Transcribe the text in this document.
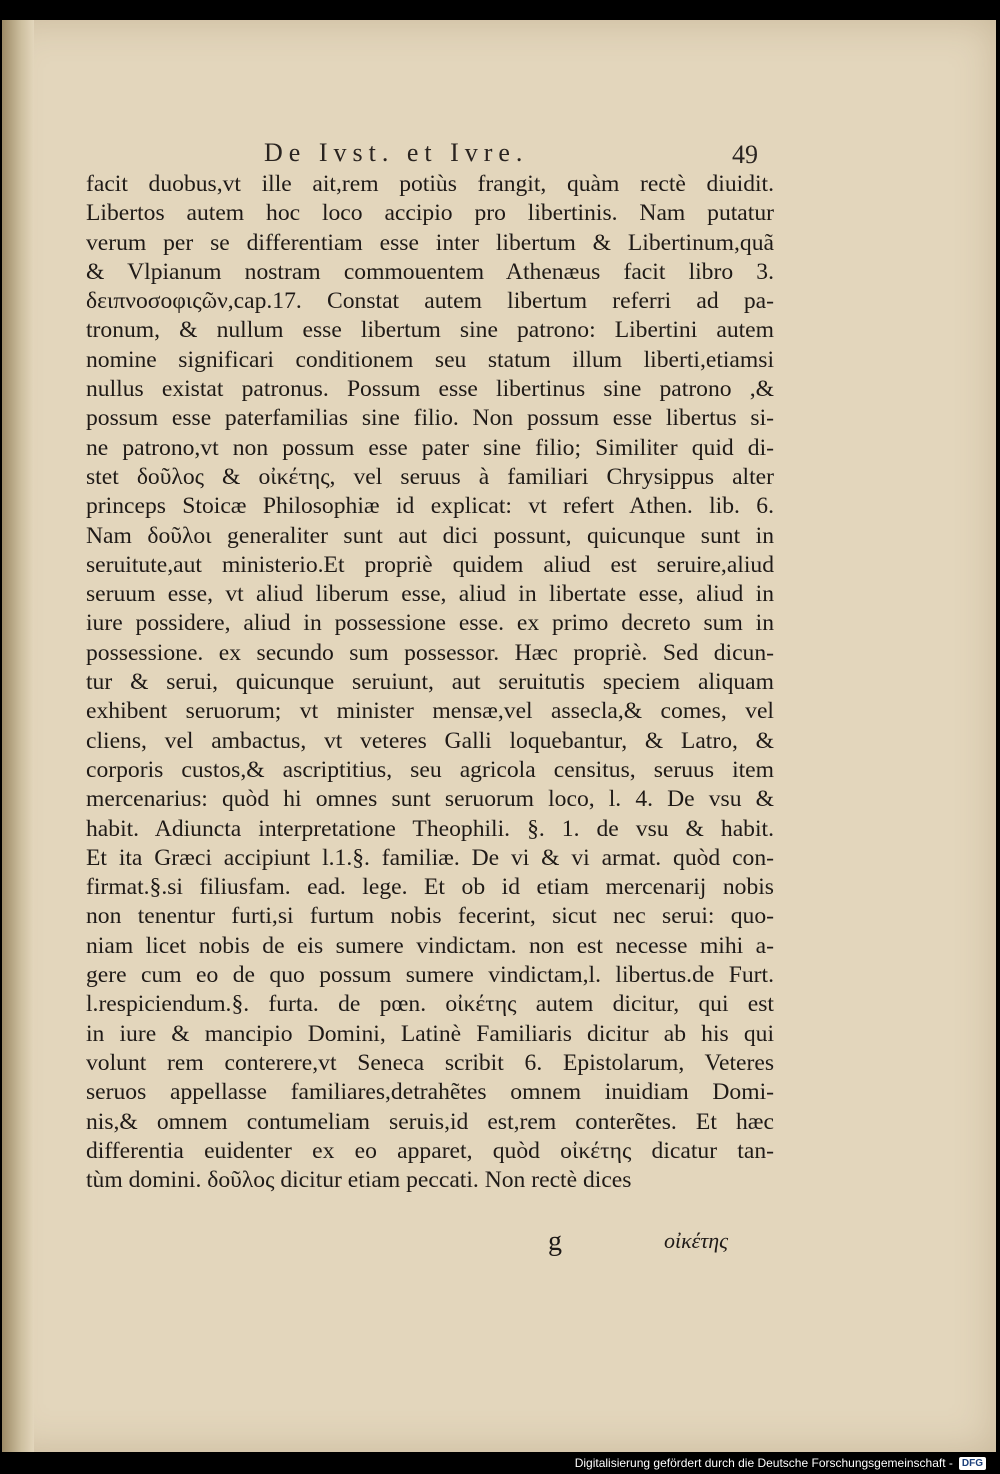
De Ivst. et Ivre.	49
facit duobus,vt ille ait,rem potiùs frangit, quàm rectè diuidit.
Libertos autem hoc loco accipio pro libertinis. Nam putatur
verum per se differentiam esse inter libertum & Libertinum,quã
& Vlpianum nostram commouentem Athenæus facit libro 3.
δειπνοσοφιςῶν,cap.17. Constat autem libertum referri ad pa-
tronum, & nullum esse libertum sine patrono: Libertini autem
nomine significari conditionem seu statum illum liberti,etiamsi
nullus existat patronus. Possum esse libertinus sine patrono ,&
possum esse paterfamilias sine filio. Non possum esse libertus si-
ne patrono,vt non possum esse pater sine filio; Similiter quid di-
stet δοῦλος & οἰκέτης, vel seruus à familiari Chrysippus alter
princeps Stoicæ Philosophiæ id explicat: vt refert Athen. lib. 6.
Nam δοῦλοι generaliter sunt aut dici possunt, quicunque sunt in
seruitute,aut ministerio.Et propriè quidem aliud est seruire,aliud
seruum esse, vt aliud liberum esse, aliud in libertate esse, aliud in
iure possidere, aliud in possessione esse. ex primo decreto sum in
possessione. ex secundo sum possessor. Hæc propriè. Sed dicun-
tur & serui, quicunque seruiunt, aut seruitutis speciem aliquam
exhibent seruorum; vt minister mensæ,vel assecla,& comes, vel
cliens, vel ambactus, vt veteres Galli loquebantur, & Latro, &
corporis custos,& ascriptitius, seu agricola censitus, seruus item
mercenarius: quòd hi omnes sunt seruorum loco, l. 4. De vsu &
habit. Adiuncta interpretatione Theophili. §. 1. de vsu & habit.
Et ita Græci accipiunt l.1.§. familiæ. De vi & vi armat. quòd con-
firmat.§.si filiusfam. ead. lege. Et ob id etiam mercenarij nobis
non tenentur furti,si furtum nobis fecerint, sicut nec serui: quo-
niam licet nobis de eis sumere vindictam. non est necesse mihi a-
gere cum eo de quo possum sumere vindictam,l. libertus.de Furt.
l.respiciendum.§. furta. de pœn. οἰκέτης autem dicitur, qui est
in iure & mancipio Domini, Latinè Familiaris dicitur ab his qui
volunt rem conterere,vt Seneca scribit 6. Epistolarum, Veteres
seruos appellasse familiares,detrahẽtes omnem inuidiam Domi-
nis,& omnem contumeliam seruis,id est,rem conterẽtes. Et hæc
differentia euidenter ex eo apparet, quòd οἰκέτης dicatur tan-
tùm domini. δοῦλος dicitur etiam peccati. Non rectè dices
g	οἰκέτης
Digitalisierung gefördert durch die Deutsche Forschungsgemeinschaft - DFG
